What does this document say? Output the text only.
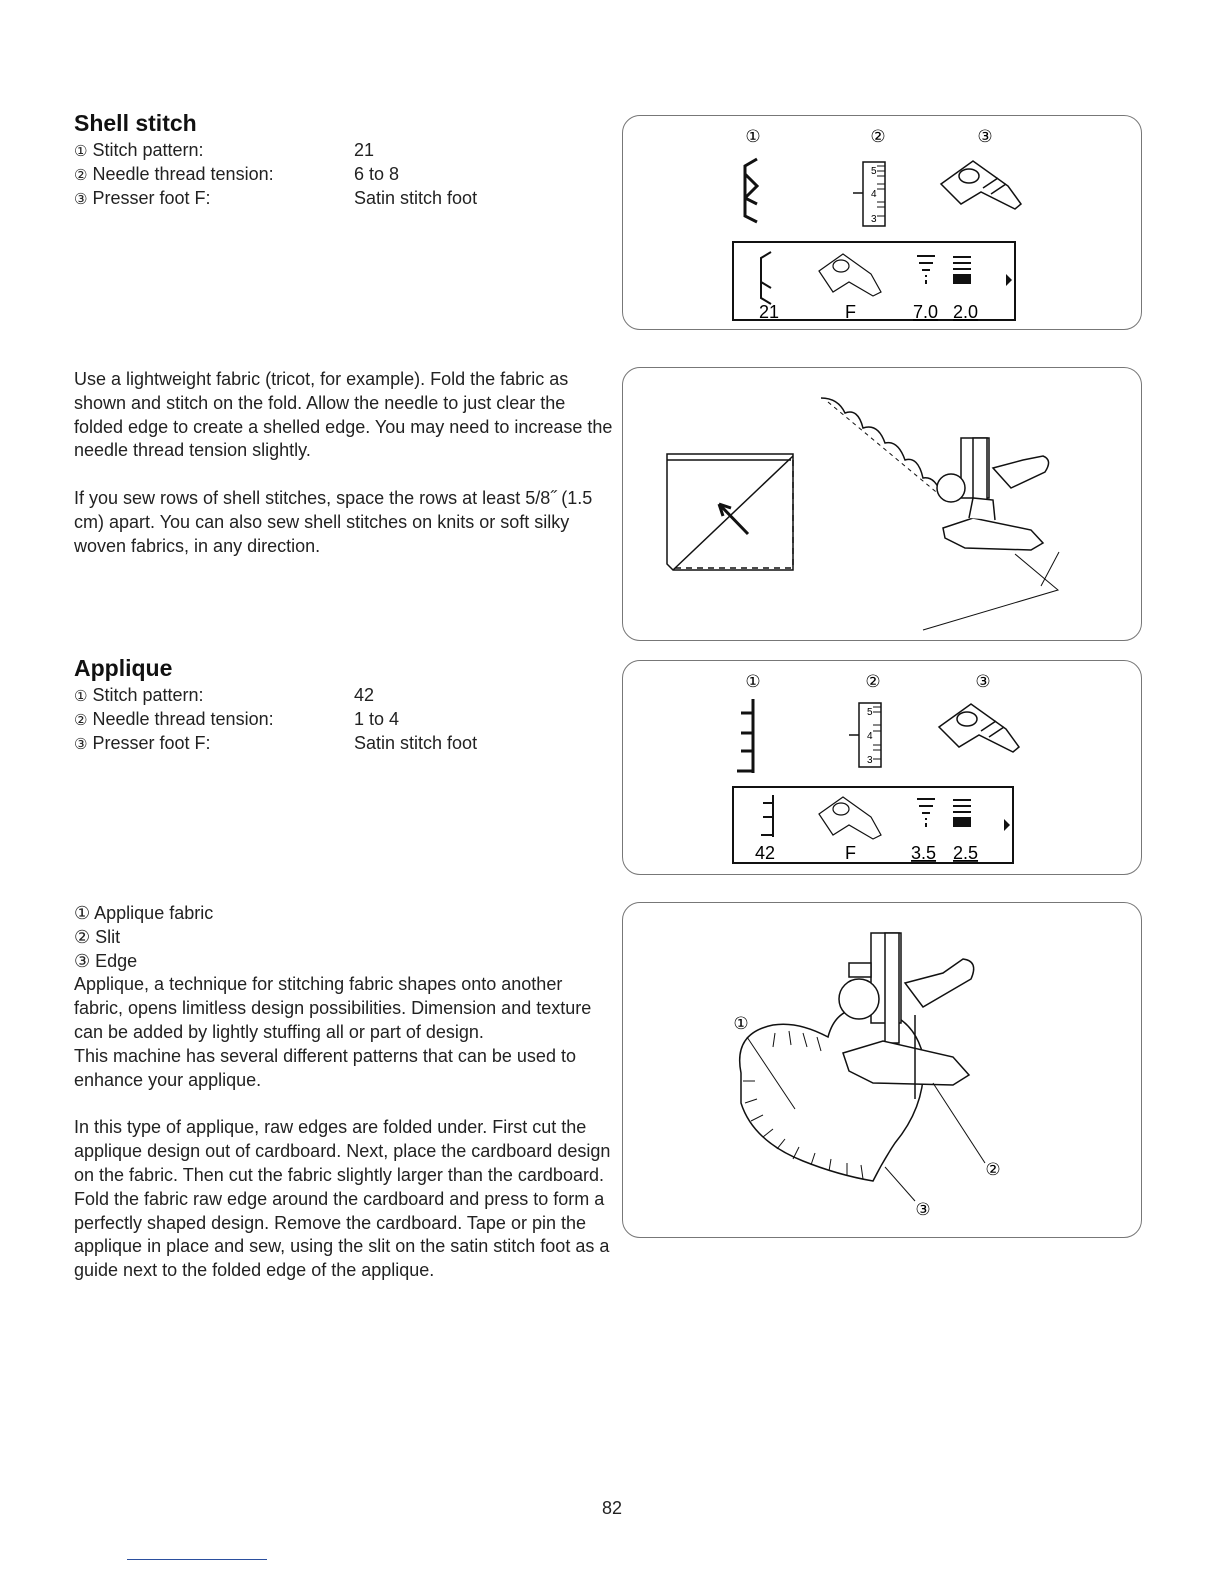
Shell stitch
① Stitch pattern:	21
② Needle thread tension:	6 to 8
③ Presser foot F:	Satin stitch foot

Use a lightweight fabric (tricot, for example). Fold the fabric as shown and stitch on the fold. Allow the needle to just clear the folded edge to create a shelled edge. You may need to increase the needle thread tension slightly.

If you sew rows of shell stitches, space the rows at least 5/8˝ (1.5 cm) apart. You can also sew shell stitches on knits or soft silky woven fabrics, in any direction.

①	②	③
5
4
3
21	F	7.0 2.0
Applique
① Stitch pattern:	42
② Needle thread tension:	1 to 4
③ Presser foot F:	Satin stitch foot

① Applique fabric

② Slit

③ Edge

Applique, a technique for stitching fabric shapes onto another fabric, opens limitless design possibilities. Dimension and texture can be added by lightly stuffing all or part of design.

This machine has several different patterns that can be used to enhance your applique.

In this type of applique, raw edges are folded under. First cut the applique design out of cardboard. Next, place the cardboard design on the fabric. Then cut the fabric slightly larger than the cardboard. Fold the fabric raw edge around the cardboard and press to form a perfectly shaped design. Remove the cardboard. Tape or pin the applique in place and sew, using the slit on the satin stitch foot as a guide next to the folded edge of the applique.

①	②	③
5
4
3
42	F	3.5 2.5
①
②
③
82
